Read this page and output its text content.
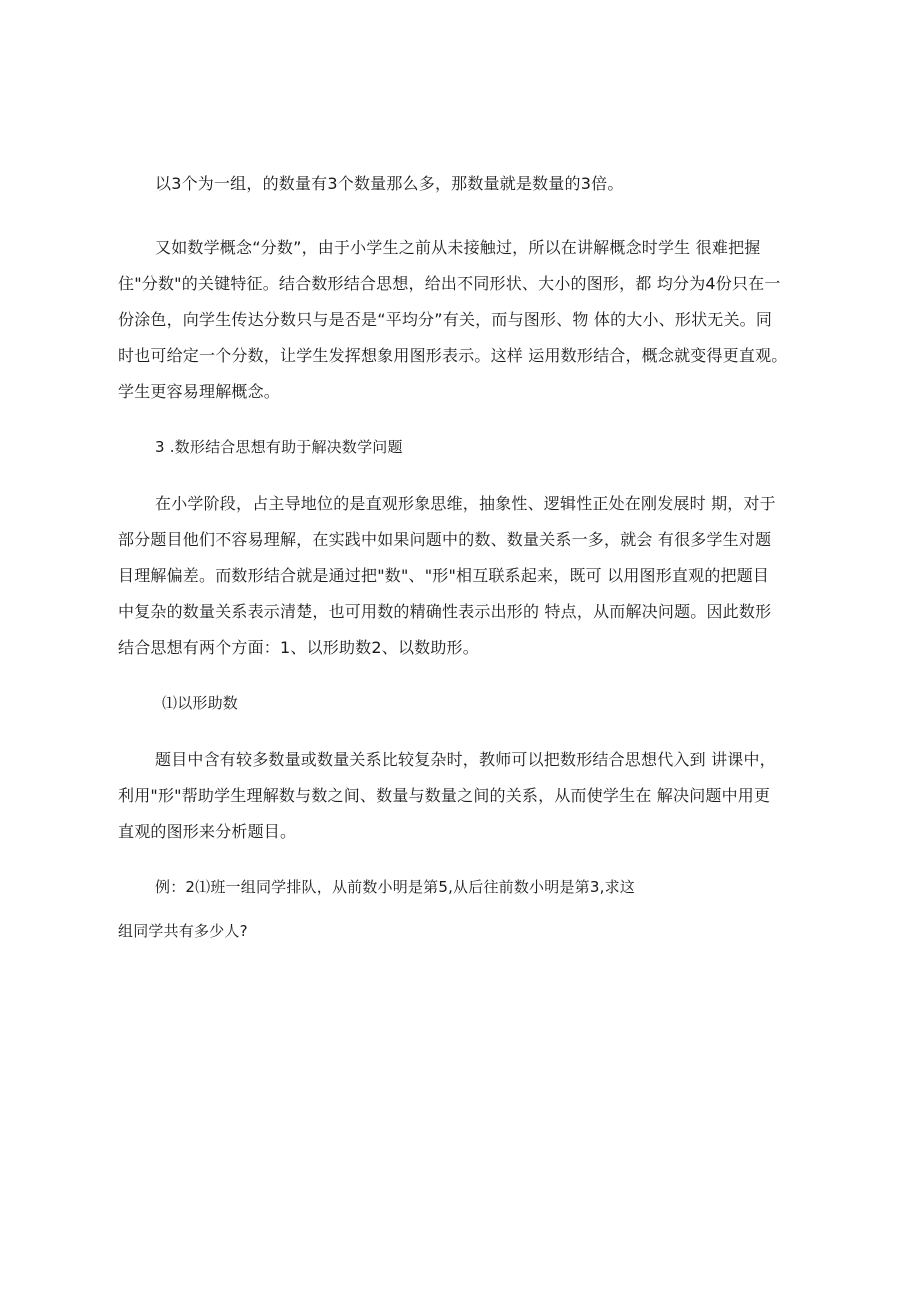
以3个为一组，的数量有3个数量那么多，那数量就是数量的3倍。
又如数学概念“分数”，由于小学生之前从未接触过，所以在讲解概念时学生 很难把握
住"分数"的关键特征。结合数形结合思想，给出不同形状、大小的图形，都 均分为4份只在一
份涂色，向学生传达分数只与是否是“平均分”有关，而与图形、物 体的大小、形状无关。同
时也可给定一个分数，让学生发挥想象用图形表示。这样 运用数形结合，概念就变得更直观。
学生更容易理解概念。
3 .数形结合思想有助于解决数学问题
在小学阶段，占主导地位的是直观形象思维，抽象性、逻辑性正处在刚发展时 期，对于
部分题目他们不容易理解，在实践中如果问题中的数、数量关系一多，就会 有很多学生对题
目理解偏差。而数形结合就是通过把"数"、"形"相互联系起来，既可 以用图形直观的把题目
中复杂的数量关系表示清楚，也可用数的精确性表示出形的 特点，从而解决问题。因此数形
结合思想有两个方面：1、以形助数2、以数助形。
⑴以形助数
题目中含有较多数量或数量关系比较复杂时，教师可以把数形结合思想代入到 讲课中，
利用"形"帮助学生理解数与数之间、数量与数量之间的关系，从而使学生在 解决问题中用更
直观的图形来分析题目。
例：2⑴班一组同学排队，从前数小明是第5,从后往前数小明是第3,求这
组同学共有多少人?
